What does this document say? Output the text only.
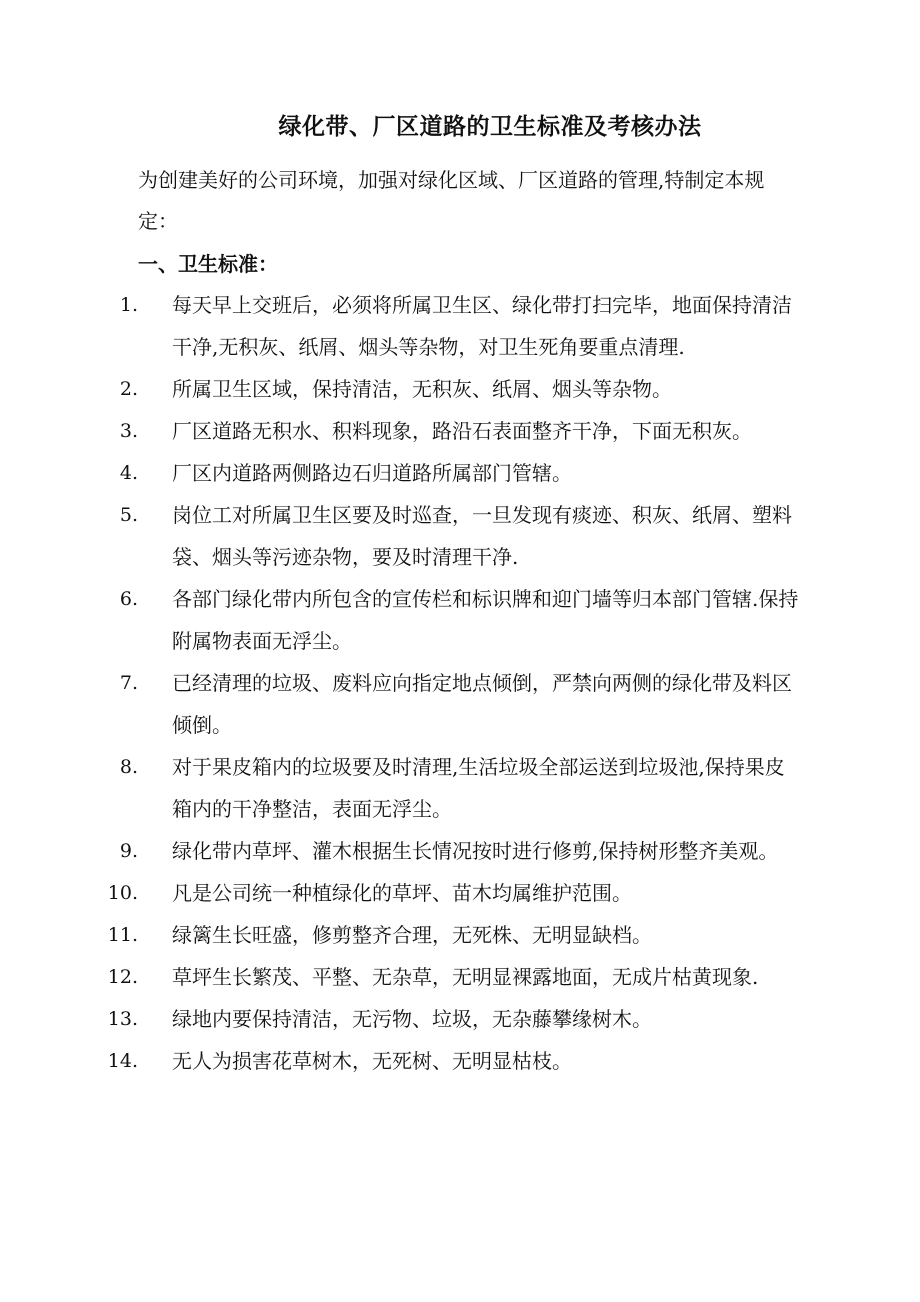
绿化带、厂区道路的卫生标准及考核办法
为创建美好的公司环境，加强对绿化区域、厂区道路的管理,特制定本规定：
一、卫生标准：
1. 每天早上交班后，必须将所属卫生区、绿化带打扫完毕，地面保持清洁干净,无积灰、纸屑、烟头等杂物，对卫生死角要重点清理.
2. 所属卫生区域，保持清洁，无积灰、纸屑、烟头等杂物。
3. 厂区道路无积水、积料现象，路沿石表面整齐干净，下面无积灰。
4. 厂区内道路两侧路边石归道路所属部门管辖。
5. 岗位工对所属卫生区要及时巡查，一旦发现有痰迹、积灰、纸屑、塑料袋、烟头等污迹杂物，要及时清理干净.
6. 各部门绿化带内所包含的宣传栏和标识牌和迎门墙等归本部门管辖.保持附属物表面无浮尘。
7. 已经清理的垃圾、废料应向指定地点倾倒，严禁向两侧的绿化带及料区倾倒。
8. 对于果皮箱内的垃圾要及时清理,生活垃圾全部运送到垃圾池,保持果皮箱内的干净整洁，表面无浮尘。
9. 绿化带内草坪、灌木根据生长情况按时进行修剪,保持树形整齐美观。
10. 凡是公司统一种植绿化的草坪、苗木均属维护范围。
11. 绿篱生长旺盛，修剪整齐合理，无死株、无明显缺档。
12. 草坪生长繁茂、平整、无杂草，无明显裸露地面，无成片枯黄现象.
13. 绿地内要保持清洁，无污物、垃圾，无杂藤攀缘树木。
14. 无人为损害花草树木，无死树、无明显枯枝。
